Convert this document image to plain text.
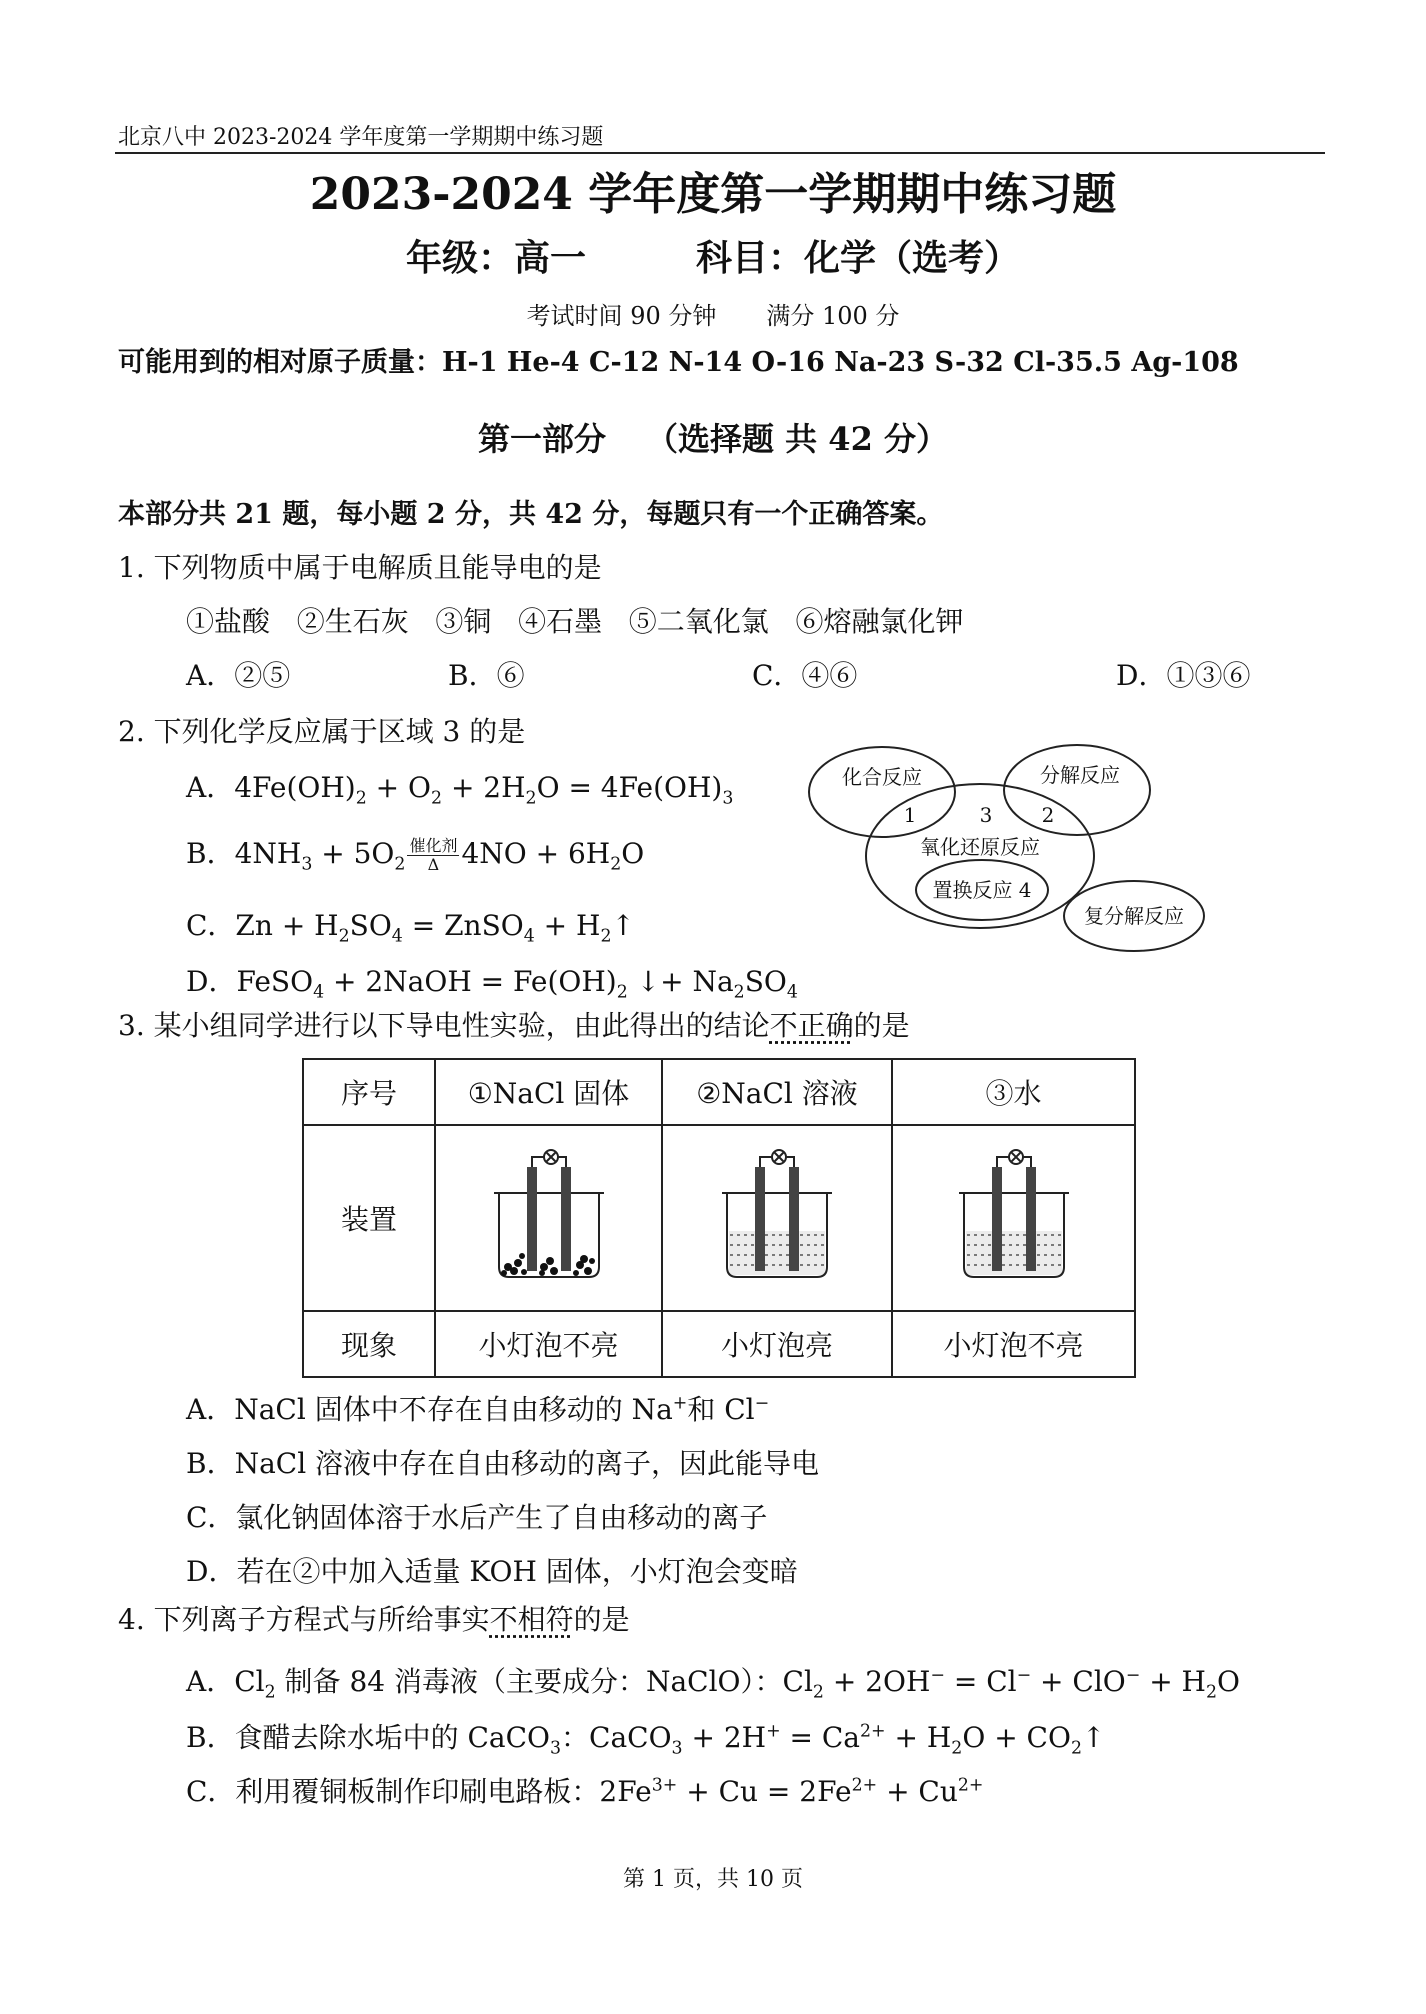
北京八中 2023-2024 学年度第一学期期中练习题
2023-2024 学年度第一学期期中练习题
年级：高一	科目：化学（选考）
考试时间 90 分钟 满分 100 分
可能用到的相对原子质量：H-1 He-4 C-12 N-14 O-16 Na-23 S-32 Cl-35.5 Ag-108
第一部分 （选择题 共 42 分）
本部分共 21 题，每小题 2 分，共 42 分，每题只有一个正确答案。
1. 下列物质中属于电解质且能导电的是
①盐酸   ②生石灰   ③铜   ④石墨   ⑤二氧化氯   ⑥熔融氯化钾
A．②⑤	B．⑥	C．④⑥	D．①③⑥
2. 下列化学反应属于区域 3 的是
A．$4Fe(OH)_2 + O_2 + 2H_2O = 4Fe(OH)_3$
B．$4NH_3 + 5O_2 \frac{\text{催化剂}}{\Delta} 4NO + 6H_2O$
C．$Zn + H_2SO_4$ = ZnSO$_4$ + $H_2↑$
D．FeSO$_4$ + 2NaOH = $Fe(OH)_2$ ↓+ $Na_2SO_4$
化合反应	分解反应
1	3 2
氧化还原反应
置换反应 4
复分解反应
3. 某小组同学进行以下导电性实验，由此得出的结论不正确的是
序号	①NaCl 固体	②NaCl 溶液	③水
装置			
现象	小灯泡不亮	小灯泡亮	小灯泡不亮
A．NaCl 固体中不存在自由移动的 Na+和 Cl−
B．NaCl 溶液中存在自由移动的离子，因此能导电
C．氯化钠固体溶于水后产生了自由移动的离子
D．若在②中加入适量 KOH 固体，小灯泡会变暗
4. 下列离子方程式与所给事实不相符的是
A．$Cl_2$ 制备 84 消毒液（主要成分：NaClO）：$Cl_2 + 2OH^- = Cl^- + ClO^- + H_2O$
B．食醋去除水垢中的 CaCO$_3$：CaCO$_3$ + $2H^+ = Ca^{2+} + H_2O$ + $CO_2↑$
C．利用覆铜板制作印刷电路板：$2Fe^{3+} + Cu = 2Fe^{2+} + Cu^{2+}$
第 1 页，共 10 页
